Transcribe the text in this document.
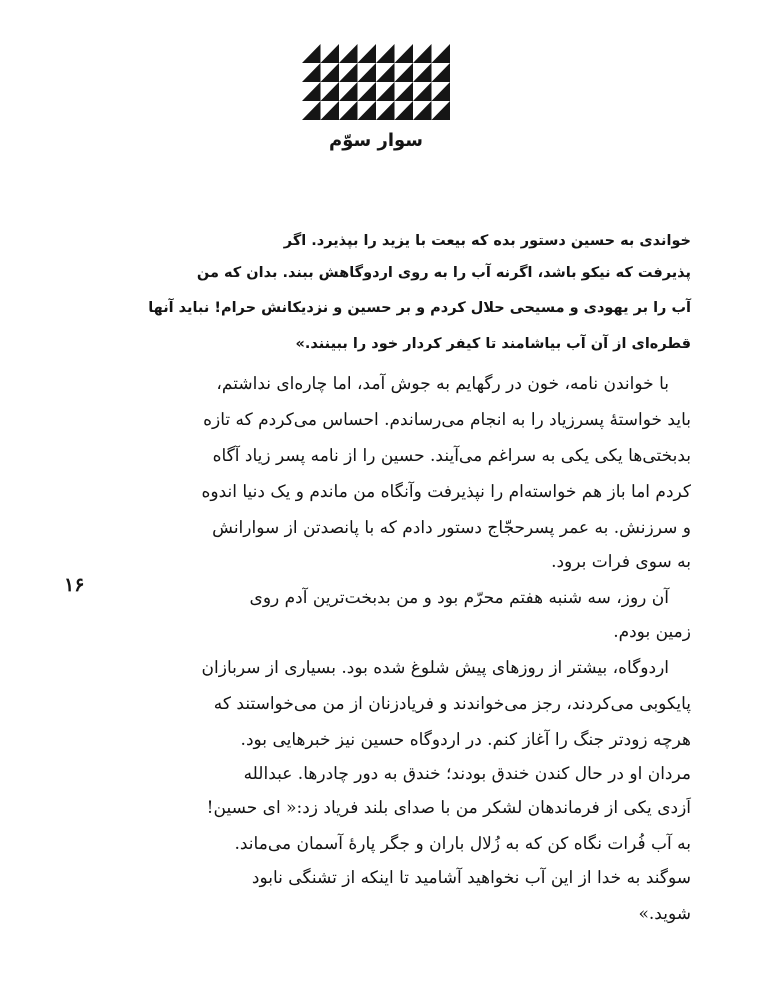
سوار سوّم

خواندی به حسین دستور بده که بیعت با یزید را بپذیرد. اگر

پذیرفت که نیکو باشد، اگرنه آب را به روی اردوگاهش ببند. بدان که من

آب را بر یهودی و مسیحی حلال کردم و بر حسین و نزدیکانش حرام! نباید آنها

قطره‌ای از آن آب بیاشامند تا کیفر کردار خود را ببینند.»

با خواندن نامه، خون در رگهایم به جوش آمد، اما چاره‌ای نداشتم،

باید خواستهٔ پسرزیاد را به انجام می‌رساندم. احساس می‌کردم که تازه

بدبختی‌ها یکی یکی به سراغم می‌آیند. حسین را از نامه پسر زیاد آگاه

کردم اما باز هم خواسته‌ام را نپذیرفت وآنگاه من ماندم و یک دنیا اندوه

و سرزنش. به عمر پسرحجّاج دستور دادم که با پانصدتن از سوارانش

به سوی فرات برود.

آن روز، سه شنبه هفتم محرّم بود و من بدبخت‌ترین آدم روی

زمین بودم.

اردوگاه، بیشتر از روزهای پیش شلوغ شده بود. بسیاری از سربازان

پایکوبی می‌کردند، رجز می‌خواندند و فریادزنان از من می‌خواستند که

هرچه زودتر جنگ را آغاز کنم. در اردوگاه حسین نیز خبرهایی بود.

مردان او در حال کندن خندق بودند؛ خندق به دور چادرها. عبدالله

اَزدی یکی از فرماندهان لشکر من با صدای بلند فریاد زد:« ای حسین!

به آب فُرات نگاه کن که به زُلال باران و جگر پارهٔ آسمان می‌ماند.

سوگند به خدا از این آب نخواهید آشامید تا اینکه از تشنگی نابود

شوید.»

۱۶
